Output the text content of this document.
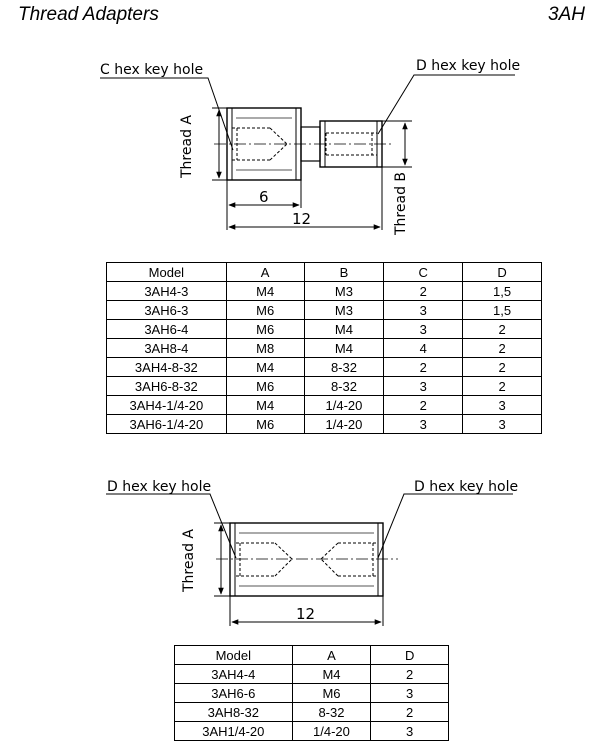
Thread Adapters	3AH
C hex key hole	D hex key hole
Thread A
Thread B
6
12
Model	A	B	C	D
3AH4-3	M4	M3	2	1,5
3AH6-3	M6	M3	3	1,5
3AH6-4	M6	M4	3	2
3AH8-4	M8	M4	4	2
3AH4-8-32	M4	8-32	2	2
3AH6-8-32	M6	8-32	3	2
3AH4-1/4-20	M4	1/4-20	2	3
3AH6-1/4-20	M6	1/4-20	3	3
D hex key hole	D hex key hole
Thread A
12
Model	A	D
3AH4-4	M4	2
3AH6-6	M6	3
3AH8-32	8-32	2
3AH1/4-20	1/4-20	3
